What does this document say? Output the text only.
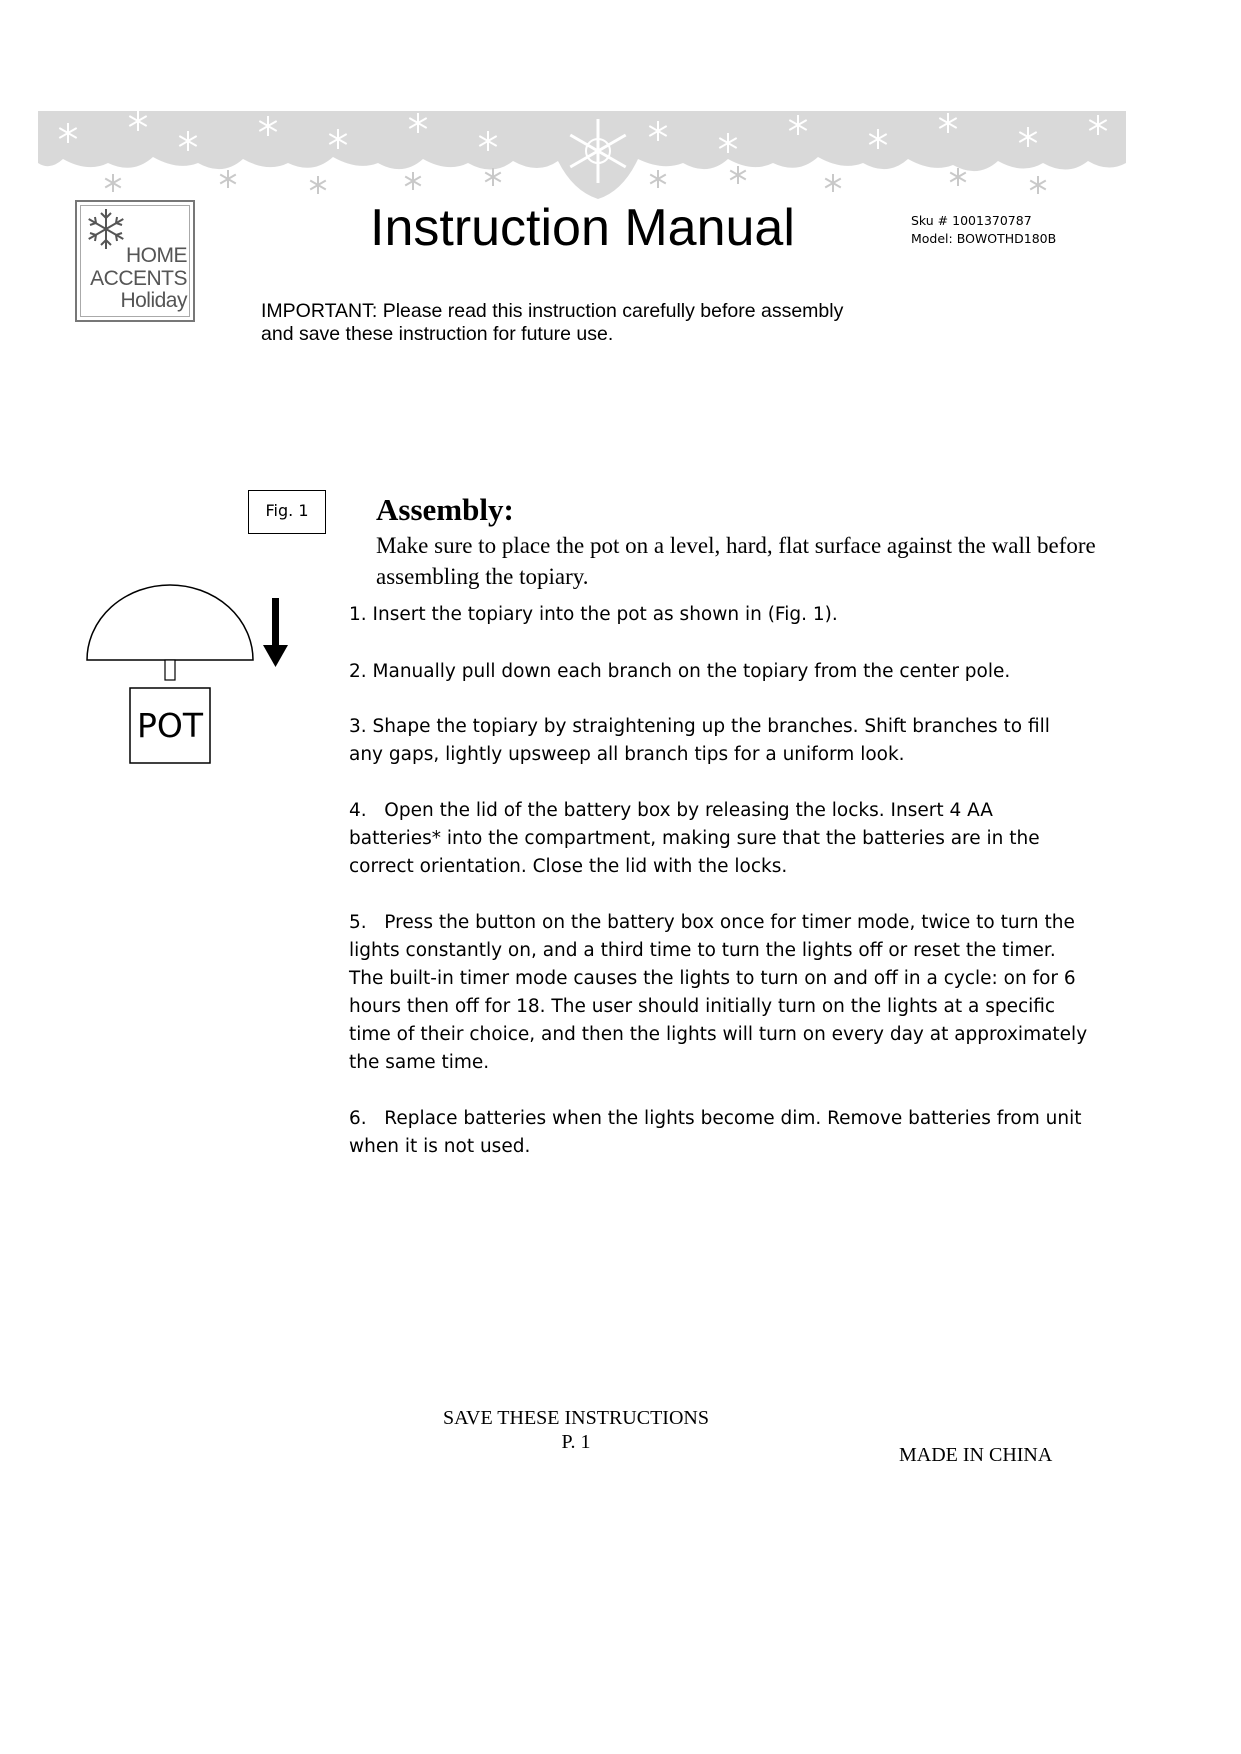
HOME
ACCENTS
Holiday
Instruction Manual	Sku # 1001370787
Model: BOWOTHD180B
IMPORTANT: Please read this instruction carefully before assembly
and save these instruction for future use.
Fig. 1
POT
Assembly:
Make sure to place the pot on a level, hard, flat surface against the wall before assembling the topiary.
1. Insert the topiary into the pot as shown in (Fig. 1).
2. Manually pull down each branch on the topiary from the center pole.
3. Shape the topiary by straightening up the branches. Shift branches to fill any gaps, lightly upsweep all branch tips for a uniform look.
4.   Open the lid of the battery box by releasing the locks. Insert 4 AA batteries* into the compartment, making sure that the batteries are in the correct orientation. Close the lid with the locks.
5.   Press the button on the battery box once for timer mode, twice to turn the lights constantly on, and a third time to turn the lights off or reset the timer. The built-in timer mode causes the lights to turn on and off in a cycle: on for 6 hours then off for 18. The user should initially turn on the lights at a specific time of their choice, and then the lights will turn on every day at approximately the same time.
6.   Replace batteries when the lights become dim. Remove batteries from unit when it is not used.
SAVE THESE INSTRUCTIONS
P. 1
MADE IN CHINA
